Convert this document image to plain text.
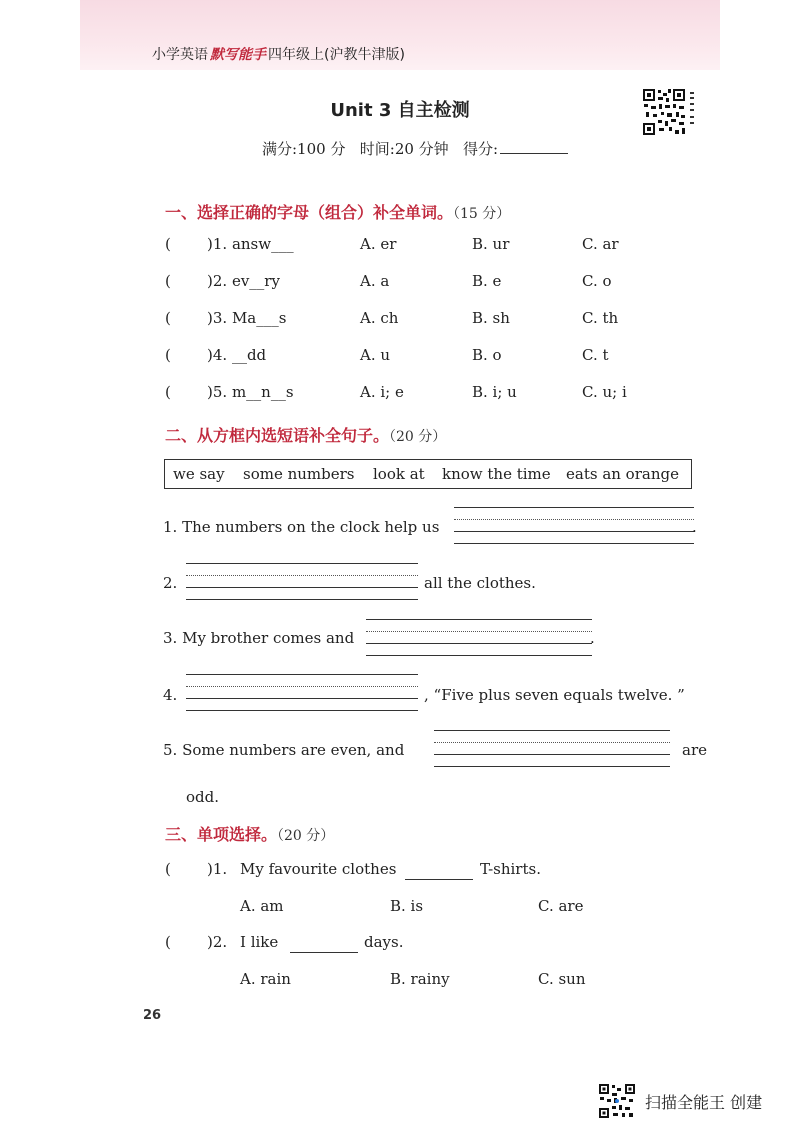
小学英语 默写能手 四年级上(沪教牛津版)
Unit 3 自主检测
满分:100 分 时间:20 分钟 得分:
一、选择正确的字母（组合）补全单词。（15 分）
( )1. answ___	A. er	B. ur	C. ar
( )2. ev__ry	A. a	B. e	C. o
( )3. Ma___s	A. ch	B. sh	C. th
( )4. __dd	A. u	B. o	C. t
( )5. m__n__s	A. i; e	B. i; u	C. u; i
二、从方框内选短语补全句子。（20 分）
we say some numbers look at know the time eats an orange
1. The numbers on the clock help us	.
2.	all the clothes.
3. My brother comes and	.
4.	, “Five plus seven equals twelve. ”
5. Some numbers are even, and	are
odd.
三、单项选择。（20 分）
( )1. My favourite clothes	T-shirts.
A. am	B. is	C. are
( )2. I like	days.
A. rain	B. rainy	C. sun
26
扫描全能王 创建
